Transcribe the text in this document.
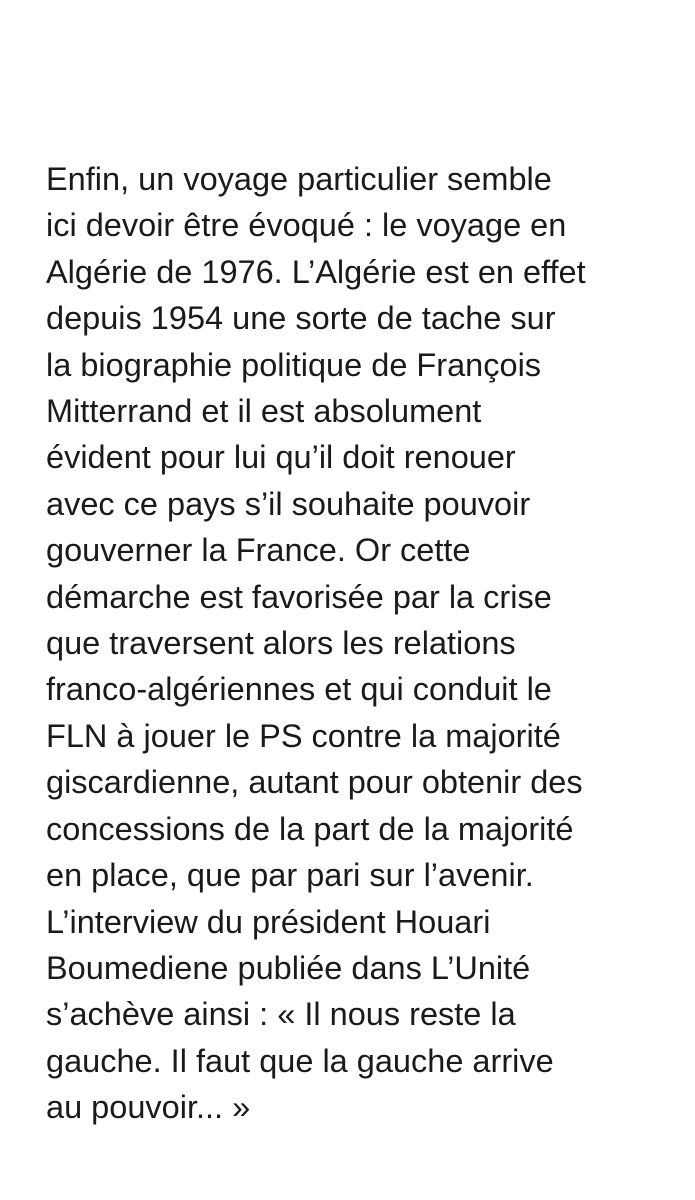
Enfin, un voyage particulier semble
ici devoir être évoqué : le voyage en
Algérie de 1976. L’Algérie est en effet
depuis 1954 une sorte de tache sur
la biographie politique de François
Mitterrand et il est absolument
évident pour lui qu’il doit renouer
avec ce pays s’il souhaite pouvoir
gouverner la France. Or cette
démarche est favorisée par la crise
que traversent alors les relations
franco-algériennes et qui conduit le
FLN à jouer le PS contre la majorité
giscardienne, autant pour obtenir des
concessions de la part de la majorité
en place, que par pari sur l’avenir.
L’interview du président Houari
Boumediene publiée dans L’Unité
s’achève ainsi : « Il nous reste la
gauche. Il faut que la gauche arrive
au pouvoir... »
